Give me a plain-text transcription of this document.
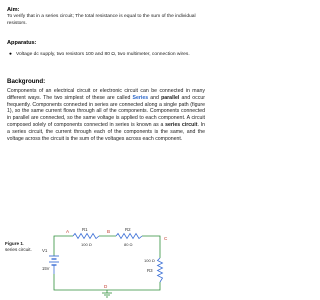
Aim:
To verify that in a series circuit; The total resistance is equal to the sum of the individual resistors.
Apparatus:
● Voltage dc supply, two resistors 100 and 80 Ω, two multimeter, connection wires.
Background:
Components of an electrical circuit or electronic circuit can be connected in many different ways. The two simplest of these are called Series and parallel and occur frequently. Components connected in series are connected along a single path (figure 1), so the same current flows through all of the components. Components connected in parallel are connected, so the same voltage is applied to each component. A circuit composed solely of components connected in series is known as a series circuit. In a series circuit, the current through each of the components is the same, and the voltage across the circuit is the sum of the voltages across each component.
Figure 1. series circuit.
A	B
C
D
R1
100 Ω
R2
80 Ω
R3
100 Ω
V1
15V
